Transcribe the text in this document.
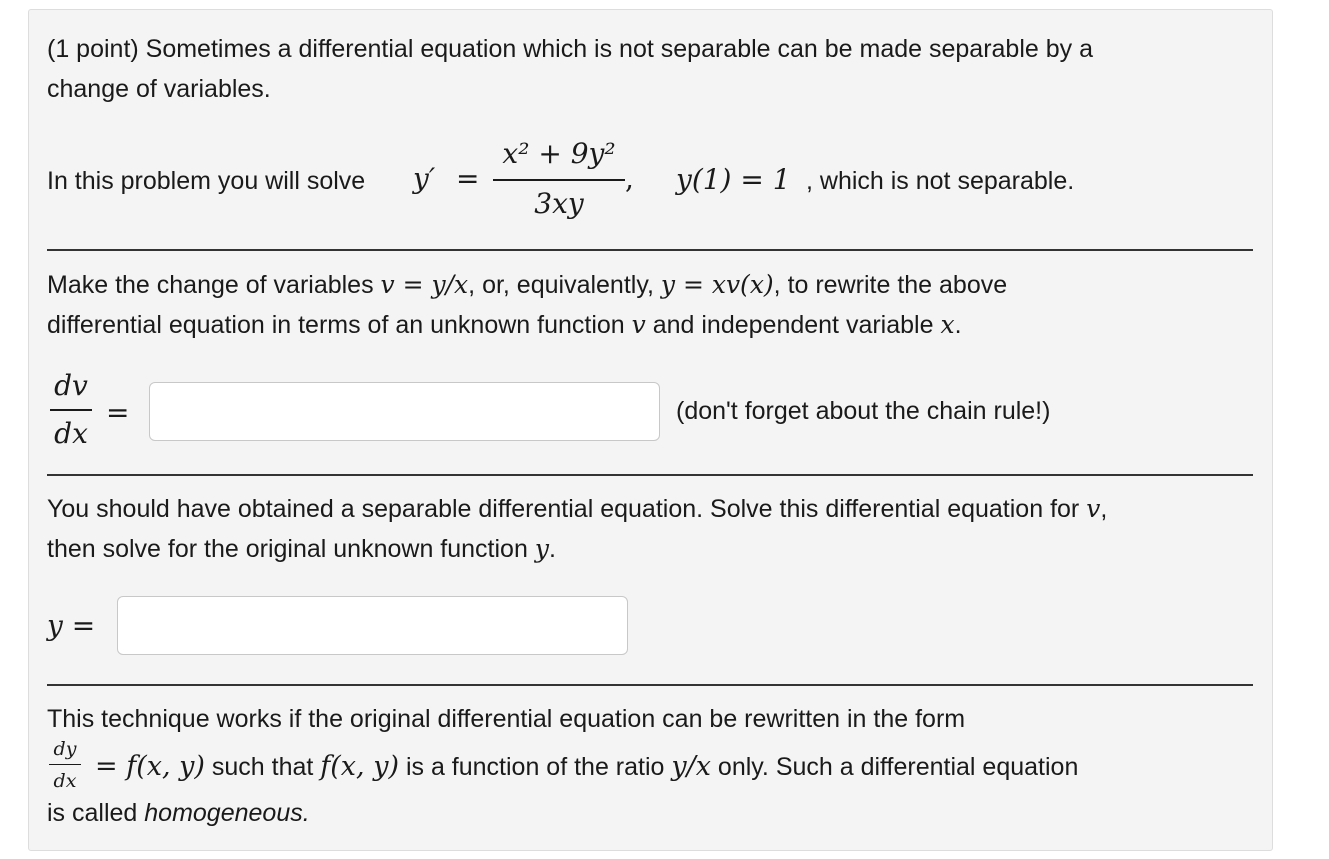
(1 point) Sometimes a differential equation which is not separable can be made separable by a
change of variables.
In this problem you will solve y′ =
x² + 9y²
3xy
, y(1) = 1 , which is not separable.
Make the change of variables v = y/x, or, equivalently, y = xv(x), to rewrite the above
differential equation in terms of an unknown function v and independent variable x.
dv
dx
=	(don't forget about the chain rule!)
You should have obtained a separable differential equation. Solve this differential equation for v,
then solve for the original unknown function y.
y =
This technique works if the original differential equation can be rewritten in the form
dy
dx = f(x, y) such that f(x, y) is a function of the ratio y/x only. Such a differential equation
is called homogeneous.
